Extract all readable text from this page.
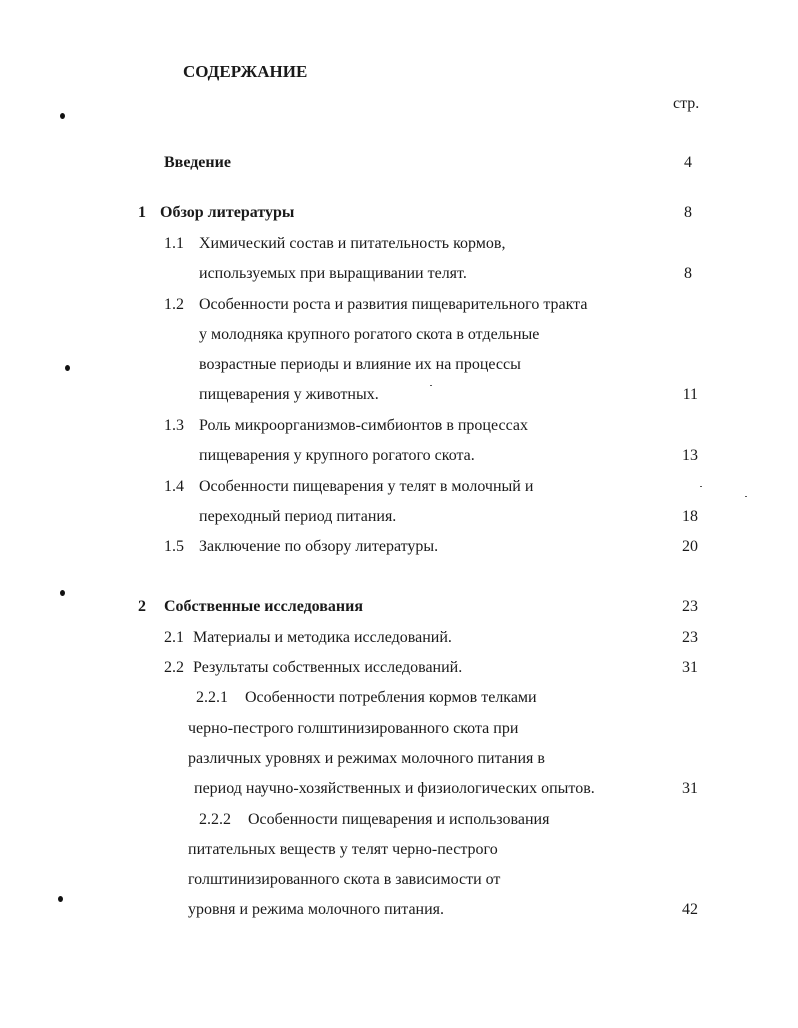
СОДЕРЖАНИЕ
стр.
Введение	4
1 Обзор литературы	8
1.1 Химический состав и питательность кормов,
используемых при выращивании телят.	8
1.2 Особенности роста и развития пищеварительного тракта
у молодняка крупного рогатого скота в отдельные
возрастные периоды и влияние их на процессы
пищеварения у животных.	11
1.3 Роль микроорганизмов-симбионтов в процессах
пищеварения у крупного рогатого скота.	13
1.4 Особенности пищеварения у телят в молочный и
переходный период питания.	18
1.5 Заключение по обзору литературы.	20
2 Собственные исследования	23
2.1 Материалы и методика исследований.	23
2.2 Результаты собственных исследований.	31
2.2.1 Особенности потребления кормов телками
черно-пестрого голштинизированного скота при
различных уровнях и режимах молочного питания в
период научно-хозяйственных и физиологических опытов.	31
2.2.2 Особенности пищеварения и использования
питательных веществ у телят черно-пестрого
голштинизированного скота в зависимости от
уровня и режима молочного питания.	42
